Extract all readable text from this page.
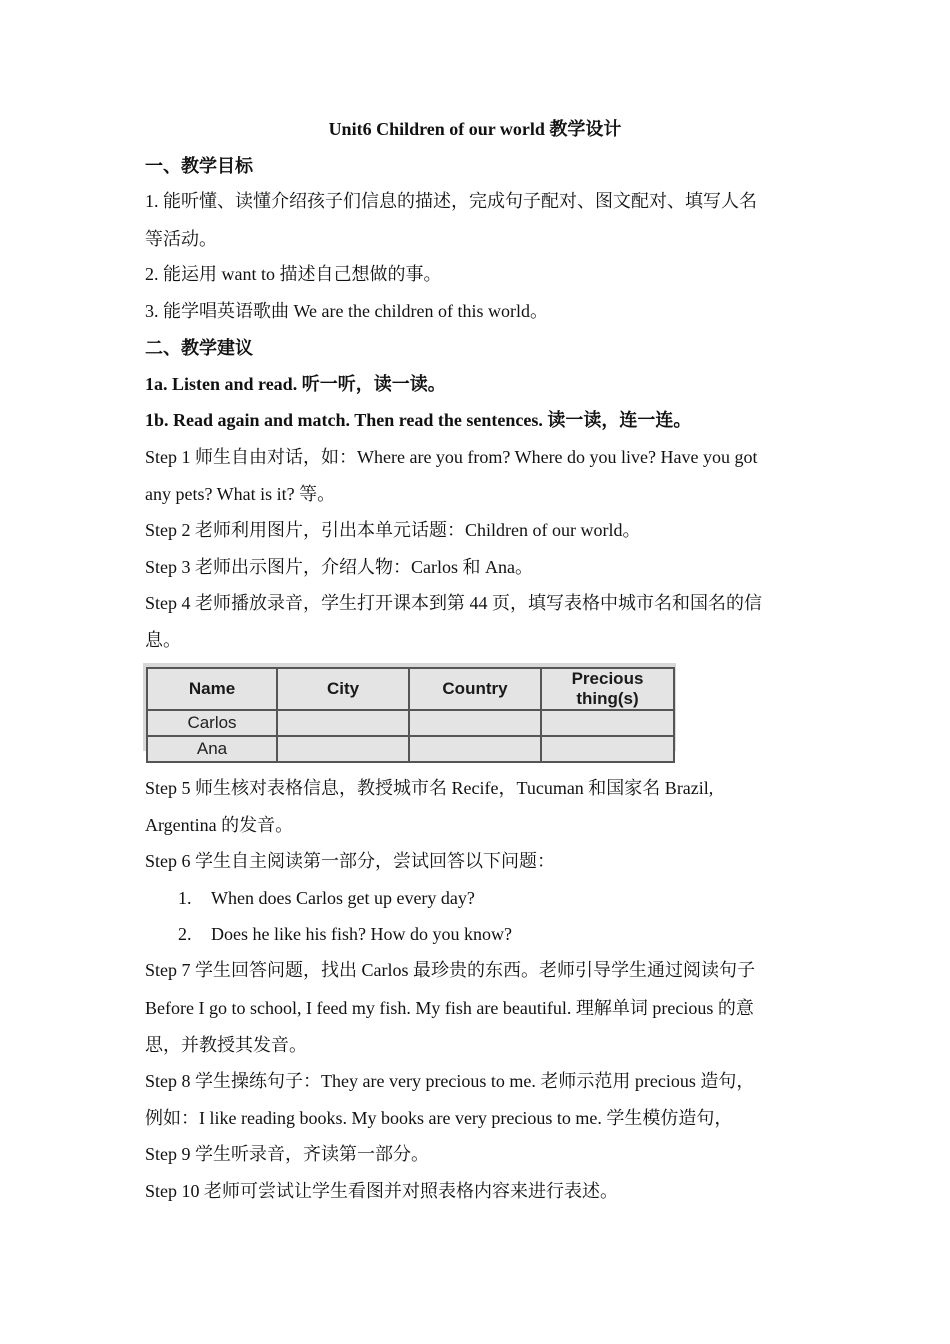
Unit6 Children of our world 教学设计

一、教学目标

1. 能听懂、读懂介绍孩子们信息的描述，完成句子配对、图文配对、填写人名

等活动。

2. 能运用 want to 描述自己想做的事。

3. 能学唱英语歌曲 We are the children of this world。

二、教学建议

1a. Listen and read. 听一听，读一读。

1b. Read again and match. Then read the sentences. 读一读，连一连。

Step 1 师生自由对话，如：Where are you from? Where do you live? Have you got

any pets? What is it? 等。

Step 2 老师利用图片，引出本单元话题：Children of our world。

Step 3 老师出示图片，介绍人物：Carlos 和 Ana。

Step 4 老师播放录音，学生打开课本到第 44 页，填写表格中城市名和国名的信

息。

Name	City	Country	Precious thing(s)
Carlos			
Ana			

Step 5 师生核对表格信息，教授城市名 Recife，Tucuman 和国家名 Brazil,

Argentina 的发音。

Step 6 学生自主阅读第一部分，尝试回答以下问题：

1. When does Carlos get up every day?
2. Does he like his fish? How do you know?

Step 7 学生回答问题，找出 Carlos 最珍贵的东西。老师引导学生通过阅读句子

Before I go to school, I feed my fish. My fish are beautiful. 理解单词 precious 的意

思，并教授其发音。

Step 8 学生操练句子：They are very precious to me. 老师示范用 precious 造句，

例如：I like reading books. My books are very precious to me. 学生模仿造句，

Step 9 学生听录音，齐读第一部分。

Step 10 老师可尝试让学生看图并对照表格内容来进行表述。
